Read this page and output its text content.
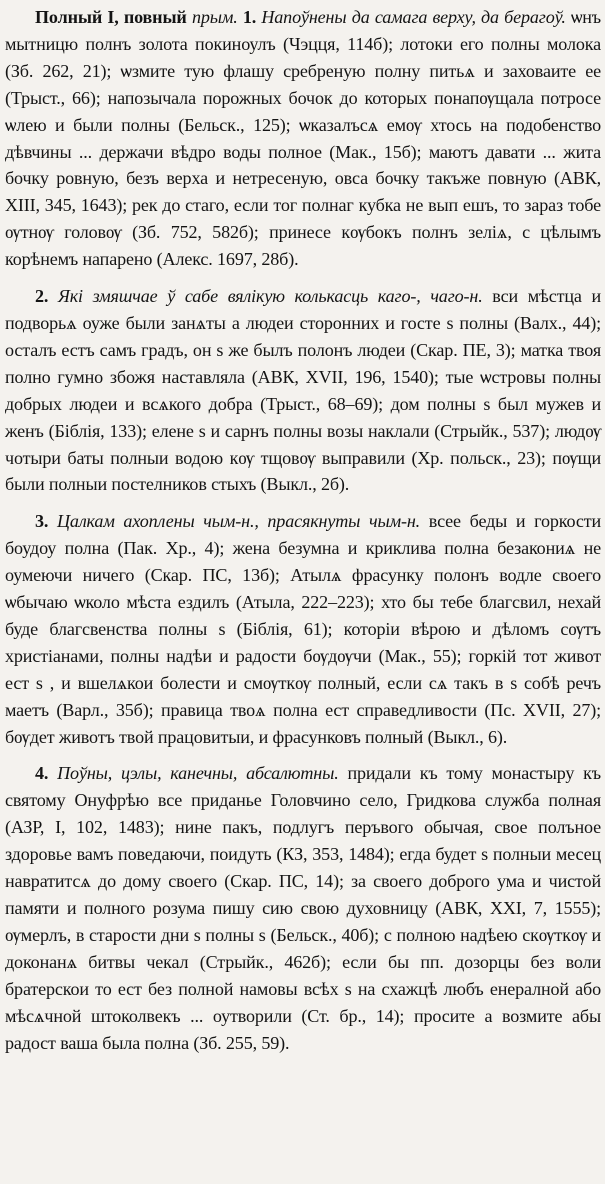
Полный I, повный прым. 1. Напоўнены да самага верху, да берагоў. ѡнъ мытницю полнъ золота покиноулъ (Чэцця, 114б); лотоки его полны молока (Зб. 262, 21); ѡзмите тую флашу сребреную полну питьѧ и заховаите ее (Трыст., 66); напозычала порожных бочок до которых понапѹщала потросе ѡлею и были полны (Бельск., 125); ѡказалъсѧ емѹ хтось на подобенство дѣвчины ... держачи вѣдро воды полное (Мак., 15б); маютъ давати ... жита бочку ровную, безъ верха и нетресеную, овса бочку такъже повную (АВК, XIII, 345, 1643); рек до стаго, если тог полнаг кубка не вып eшъ, то зараз тобе ѹтнѹ головѹ (Зб. 752, 582б); принесе кѹбокъ полнъ зелiѧ, с цѣлымъ корѣнемъ напарено (Алекс. 1697, 28б).

2. Які змяшчае ў сабе вялікую колькасць каго-, чаго-н. вси мѣстца и подворьѧ оуже были занѧты а людеи сторонних и госте s полны (Валх., 44); осталъ естъ самъ градъ, он s же былъ полонъ людеи (Скар. ПЕ, 3); матка твоя полно гумно збожя наставляла (АВК, XVII, 196, 1540); тые ѡстровы полны добрых людеи и всѧкого добра (Трыст., 68–69); дом полны s был мужев и женъ (Біблія, 133); елене s и сарнъ полны возы наклали (Стрыйк., 537); людѹ чотыри баты полныи водою кѹ тщовѹ выправили (Хр. польск., 23); пѹщи были полныи постелников стыхъ (Выкл., 2б).

3. Цалкам ахоплены чым-н., прасякнуты чым-н. всее беды и горкости боудоу полна (Пак. Хр., 4); жена безумна и криклива полна безакониѧ не оумеючи ничего (Скар. ПС, 13б); Атылѧ фрасунку полонъ водле своего ѡбычаю ѡколо мѣста ездилъ (Атыла, 222–223); хто бы тебе благсвил, нехай буде благсвенства полны s (Біблія, 61); которiи вѣрою и дѣломъ сѹтъ христiанами, полны надѣи и радости бѹдѹчи (Мак., 55); горкiй тот живот ест s , и вшелѧкои болести и смѹткѹ полный, если сѧ такъ в s собѣ речъ маетъ (Варл., 35б); правица твоѧ полна ест справедливости (Пс. XVII, 27); бѹдет животъ твой працовитыи, и фрасунковъ полный (Выкл., 6).

4. Поўны, цэлы, канечны, абсалютны. придали къ тому монастыру къ святому Онуфрѣю все приданье Головчино село, Гридкова служба полная (АЗР, I, 102, 1483); нине пакъ, подлугъ перъвого обычая, свое полъное здоровье вамъ поведаючи, поидуть (КЗ, 353, 1484); егда будет s полныи месец навратитсѧ до дому своего (Скар. ПС, 14); за своего доброго ума и чистой памяти и полного розума пишу сию свою духовницу (АВК, XXI, 7, 1555); ѹмерлъ, в старости дни s полны s (Бельск., 40б); с полною надѣею скѹткѹ и доконанѧ битвы чекал (Стрыйк., 462б); если бы пп. дозорцы без воли братерскои то ест без полной намовы всѣх s на схажцѣ любъ енералной або мѣсѧчной штоколвекъ ... оутворили (Ст. бр., 14); просите а возмите абы радост ваша была полна (Зб. 255, 59).
